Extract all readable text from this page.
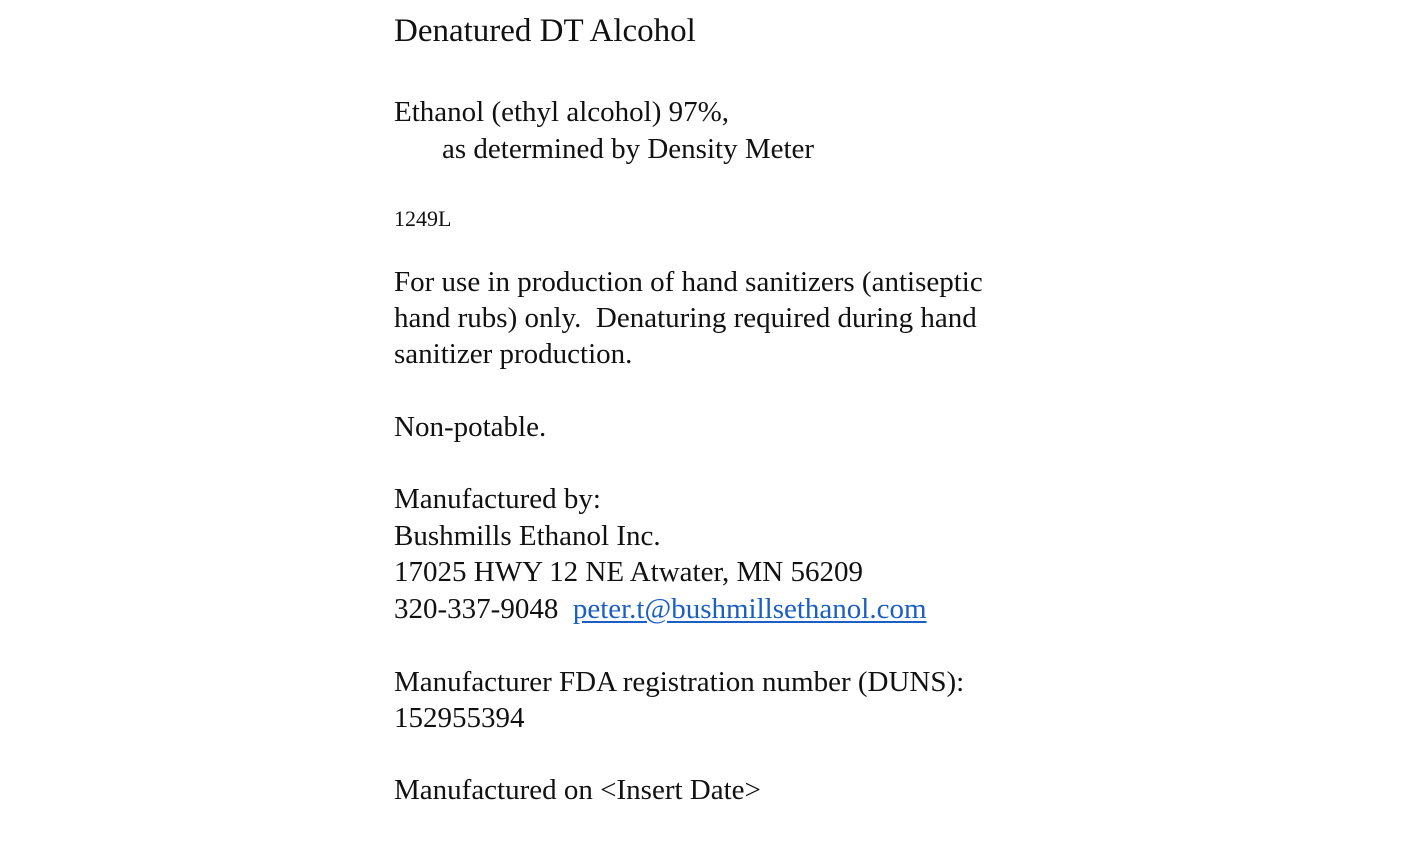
Denatured DT Alcohol
Ethanol (ethyl alcohol) 97%,
as determined by Density Meter
1249L
For use in production of hand sanitizers (antiseptic
hand rubs) only.  Denaturing required during hand
sanitizer production.
Non-potable.
Manufactured by:
Bushmills Ethanol Inc.
17025 HWY 12 NE Atwater, MN 56209
320-337-9048 peter.t@bushmillsethanol.com
Manufacturer FDA registration number (DUNS):
152955394
Manufactured on <Insert Date>
